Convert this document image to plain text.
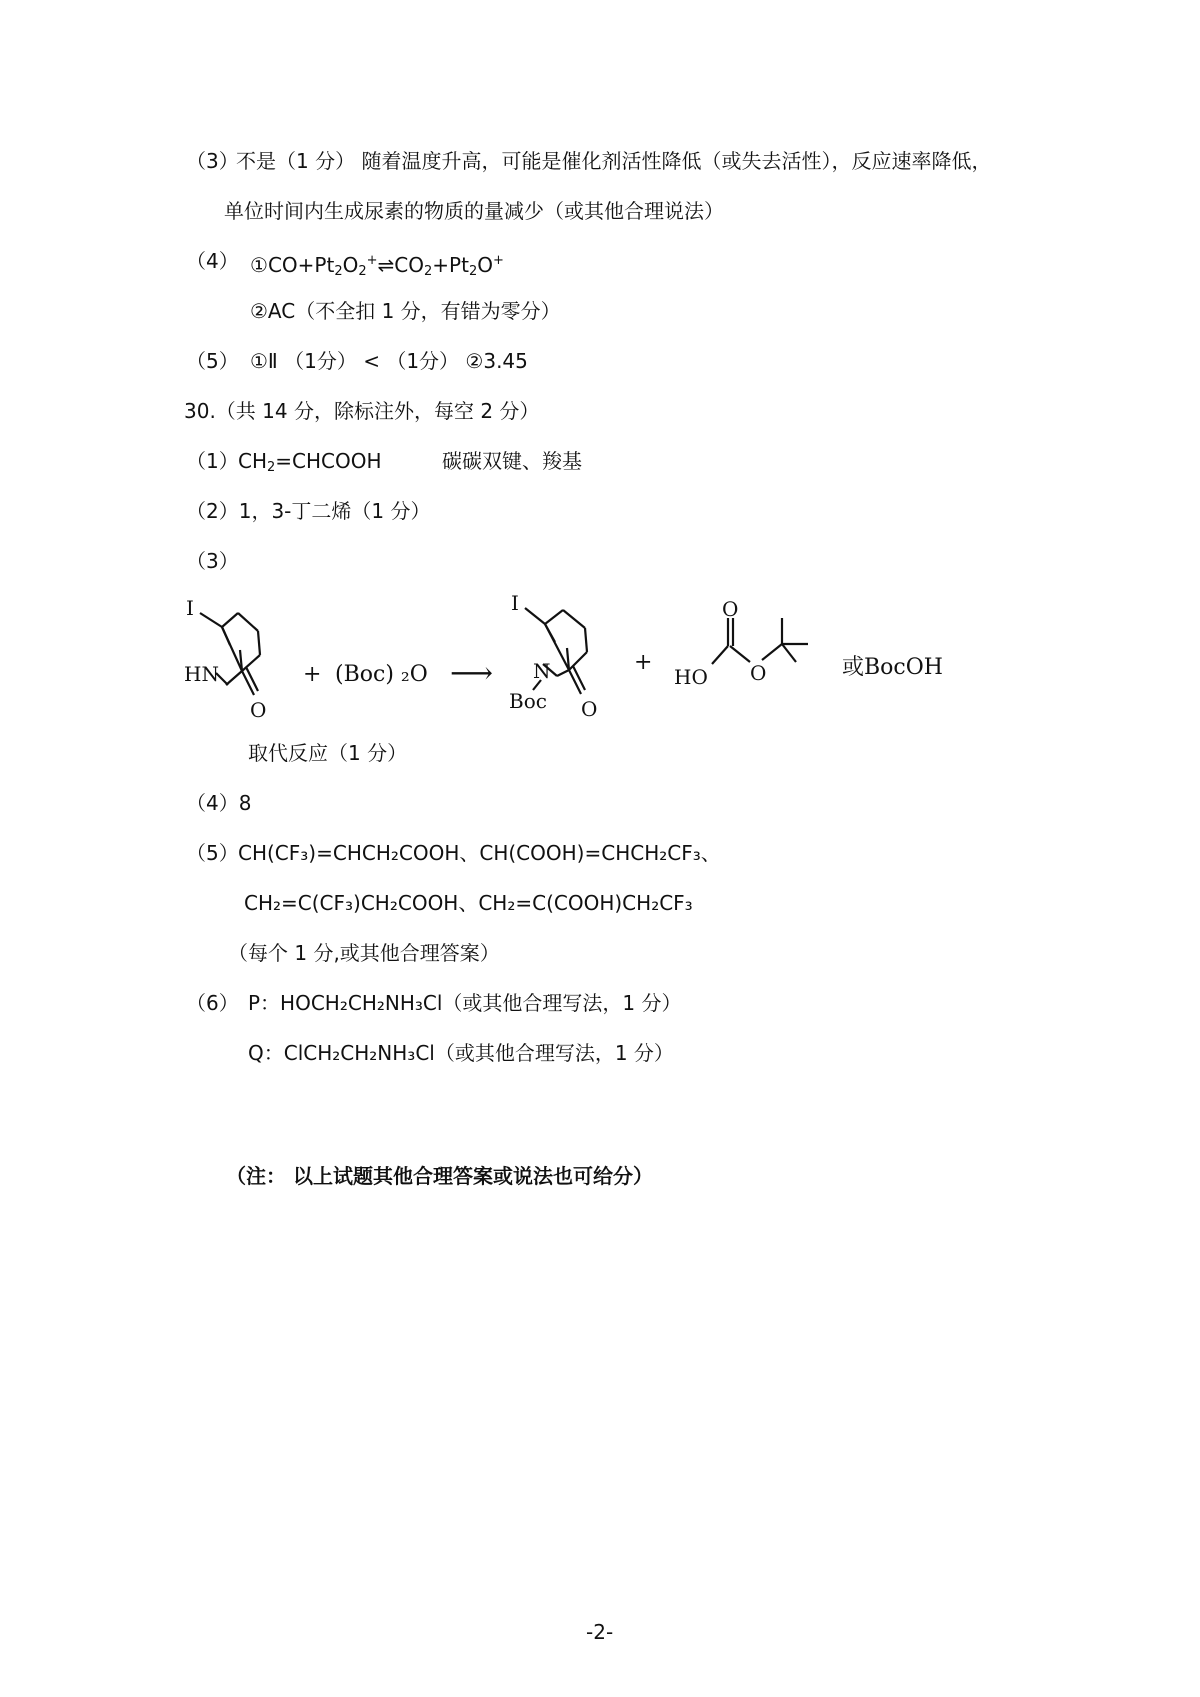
（3）
不是（1 分） 随着温度升高，可能是催化剂活性降低（或失去活性），反应速率降低，
单位时间内生成尿素的物质的量减少（或其他合理说法）
（4） $①CO+Pt_2O_2^+\rightleftharpoons CO_2+Pt_2O^+$
②AC（不全扣 1 分，有错为零分）
（5） ①Ⅱ （1分） < （1分） ②3.45
30.（共 14 分，除标注外，每空 2 分）
（1） $CH_2=CHCOOH$	碳碳双键、羧基
（2）1，3-丁二烯（1 分）
（3）
I
HN
O
+ (Boc) ₂O ⟶
I
N
Boc O
+
O
HO O	或BocOH
取代反应（1 分）
（4）8
（5） CH(CF₃)=CHCH₂COOH、CH(COOH)=CHCH₂CF₃、
CH₂=C(CF₃)CH₂COOH、CH₂=C(COOH)CH₂CF₃
（每个 1 分,或其他合理答案）
（6） P：HOCH₂CH₂NH₃Cl（或其他合理写法，1 分）
Q：ClCH₂CH₂NH₃Cl（或其他合理写法，1 分）
（注： 以上试题其他合理答案或说法也可给分）
-2-
